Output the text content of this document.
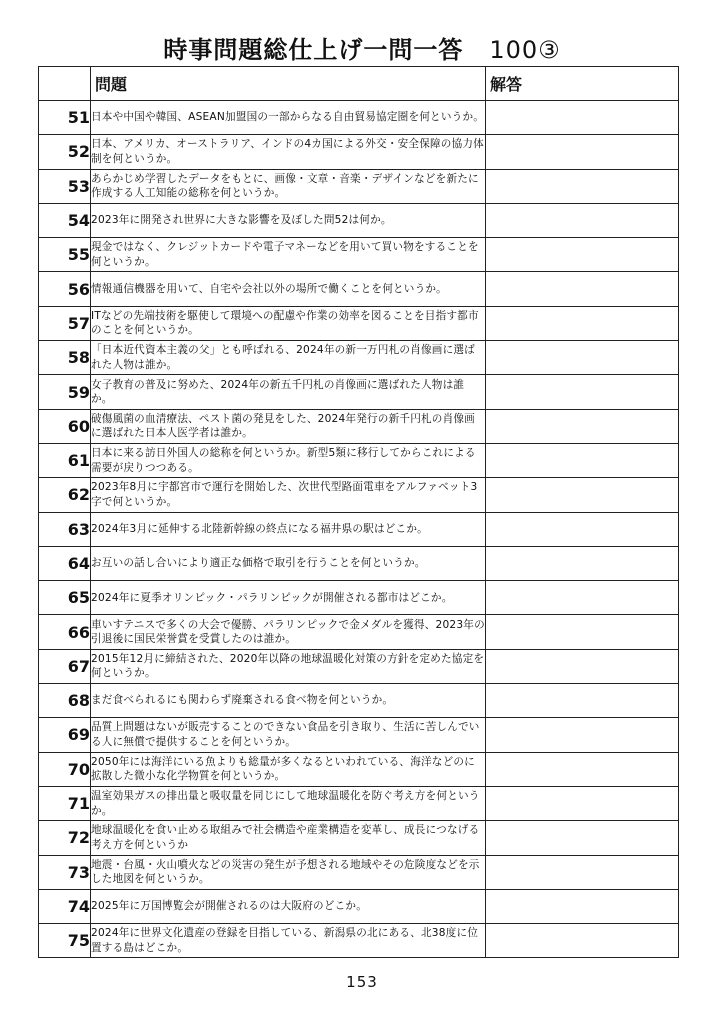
時事問題総仕上げ一問一答 100③
	問題	解答
51	日本や中国や韓国、ASEAN加盟国の一部からなる自由貿易協定圏を何というか。	
52	日本、アメリカ、オーストラリア、インドの4カ国による外交・安全保障の協力体制を何というか。	
53	あらかじめ学習したデータをもとに、画像・文章・音楽・デザインなどを新たに作成する人工知能の総称を何というか。	
54	2023年に開発され世界に大きな影響を及ぼした問52は何か。	
55	現金ではなく、クレジットカードや電子マネーなどを用いて買い物をすることを何というか。	
56	情報通信機器を用いて、自宅や会社以外の場所で働くことを何というか。	
57	ITなどの先端技術を駆使して環境への配慮や作業の効率を図ることを目指す都市のことを何というか。	
58	「日本近代資本主義の父」とも呼ばれる、2024年の新一万円札の肖像画に選ばれた人物は誰か。	
59	女子教育の普及に努めた、2024年の新五千円札の肖像画に選ばれた人物は誰か。	
60	破傷風菌の血清療法、ペスト菌の発見をした、2024年発行の新千円札の肖像画に選ばれた日本人医学者は誰か。	
61	日本に来る訪日外国人の総称を何というか。新型5類に移行してからこれによる需要が戻りつつある。	
62	2023年8月に宇都宮市で運行を開始した、次世代型路面電車をアルファベット3字で何というか。	
63	2024年3月に延伸する北陸新幹線の終点になる福井県の駅はどこか。	
64	お互いの話し合いにより適正な価格で取引を行うことを何というか。	
65	2024年に夏季オリンピック・パラリンピックが開催される都市はどこか。	
66	車いすテニスで多くの大会で優勝、パラリンピックで金メダルを獲得、2023年の引退後に国民栄誉賞を受賞したのは誰か。	
67	2015年12月に締結された、2020年以降の地球温暖化対策の方針を定めた協定を何というか。	
68	まだ食べられるにも関わらず廃棄される食べ物を何というか。	
69	品質上問題はないが販売することのできない食品を引き取り、生活に苦しんでいる人に無償で提供することを何というか。	
70	2050年には海洋にいる魚よりも総量が多くなるといわれている、海洋などのに拡散した微小な化学物質を何というか。	
71	温室効果ガスの排出量と吸収量を同じにして地球温暖化を防ぐ考え方を何というか。	
72	地球温暖化を食い止める取組みで社会構造や産業構造を変革し、成長につなげる考え方を何というか	
73	地震・台風・火山噴火などの災害の発生が予想される地域やその危険度などを示した地図を何というか。	
74	2025年に万国博覧会が開催されるのは大阪府のどこか。	
75	2024年に世界文化遺産の登録を目指している、新潟県の北にある、北38度に位置する島はどこか。	
153
